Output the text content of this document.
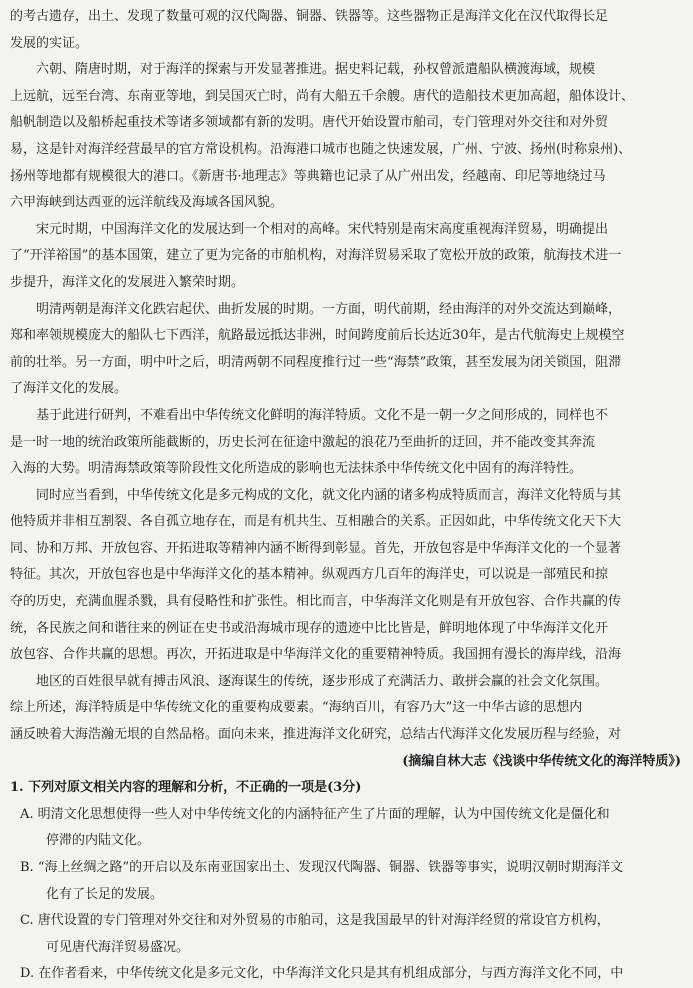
的考古遗存，出土、发现了数量可观的汉代陶器、铜器、铁器等。这些器物正是海洋文化在汉代取得长足
发展的实证。
六朝、隋唐时期，对于海洋的探索与开发显著推进。据史料记载，孙权曾派遣船队横渡海域，规模
上远航，远至台湾、东南亚等地，到吴国灭亡时，尚有大船五千余艘。唐代的造船技术更加高超，船体设计、
船帆制造以及船桥起重技术等诸多领域都有新的发明。唐代开始设置市舶司，专门管理对外交往和对外贸
易，这是针对海洋经营最早的官方常设机构。沿海港口城市也随之快速发展，广州、宁波、扬州(时称泉州)、
扬州等地都有规模很大的港口。《新唐书·地理志》等典籍也记录了从广州出发，经越南、印尼等地绕过马
六甲海峡到达西亚的远洋航线及海域各国风貌。
宋元时期，中国海洋文化的发展达到一个相对的高峰。宋代特别是南宋高度重视海洋贸易，明确提出
了“开洋裕国”的基本国策，建立了更为完备的市舶机构，对海洋贸易采取了宽松开放的政策，航海技术进一
步提升，海洋文化的发展进入繁荣时期。
明清两朝是海洋文化跌宕起伏、曲折发展的时期。一方面，明代前期，经由海洋的对外交流达到巅峰，
郑和率领规模庞大的船队七下西洋，航路最远抵达非洲，时间跨度前后长达近30年，是古代航海史上规模空
前的壮举。另一方面，明中叶之后，明清两朝不同程度推行过一些“海禁”政策，甚至发展为闭关锁国，阻滞
了海洋文化的发展。
基于此进行研判，不难看出中华传统文化鲜明的海洋特质。文化不是一朝一夕之间形成的，同样也不
是一时一地的统治政策所能截断的，历史长河在征途中激起的浪花乃至曲折的迂回，并不能改变其奔流
入海的大势。明清海禁政策等阶段性文化所造成的影响也无法抹杀中华传统文化中固有的海洋特性。
同时应当看到，中华传统文化是多元构成的文化，就文化内涵的诸多构成特质而言，海洋文化特质与其
他特质并非相互割裂、各自孤立地存在，而是有机共生、互相融合的关系。正因如此，中华传统文化天下大
同、协和万邦、开放包容、开拓进取等精神内涵不断得到彰显。首先，开放包容是中华海洋文化的一个显著
特征。其次，开放包容也是中华海洋文化的基本精神。纵观西方几百年的海洋史，可以说是一部殖民和掠
夺的历史，充满血腥杀戮，具有侵略性和扩张性。相比而言，中华海洋文化则是有开放包容、合作共赢的传
统，各民族之间和谐往来的例证在史书或沿海城市现存的遗迹中比比皆是，鲜明地体现了中华海洋文化开
放包容、合作共赢的思想。再次，开拓进取是中华海洋文化的重要精神特质。我国拥有漫长的海岸线，沿海
地区的百姓很早就有搏击风浪、逐海谋生的传统，逐步形成了充满活力、敢拼会赢的社会文化氛围。
综上所述，海洋特质是中华传统文化的重要构成要素。“海纳百川，有容乃大”这一中华古谚的思想内
涵反映着大海浩瀚无垠的自然品格。面向未来，推进海洋文化研究，总结古代海洋文化发展历程与经验，对
(摘编自林大志《浅谈中华传统文化的海洋特质》)
1. 下列对原文相关内容的理解和分析，不正确的一项是(3分)
A. 明清文化思想使得一些人对中华传统文化的内涵特征产生了片面的理解，认为中国传统文化是僵化和
停滞的内陆文化。
B. “海上丝绸之路”的开启以及东南亚国家出土、发现汉代陶器、铜器、铁器等事实，说明汉朝时期海洋文
化有了长足的发展。
C. 唐代设置的专门管理对外交往和对外贸易的市舶司，这是我国最早的针对海洋经贸的常设官方机构，
可见唐代海洋贸易盛况。
D. 在作者看来，中华传统文化是多元文化，中华海洋文化只是其有机组成部分，与西方海洋文化不同，中
